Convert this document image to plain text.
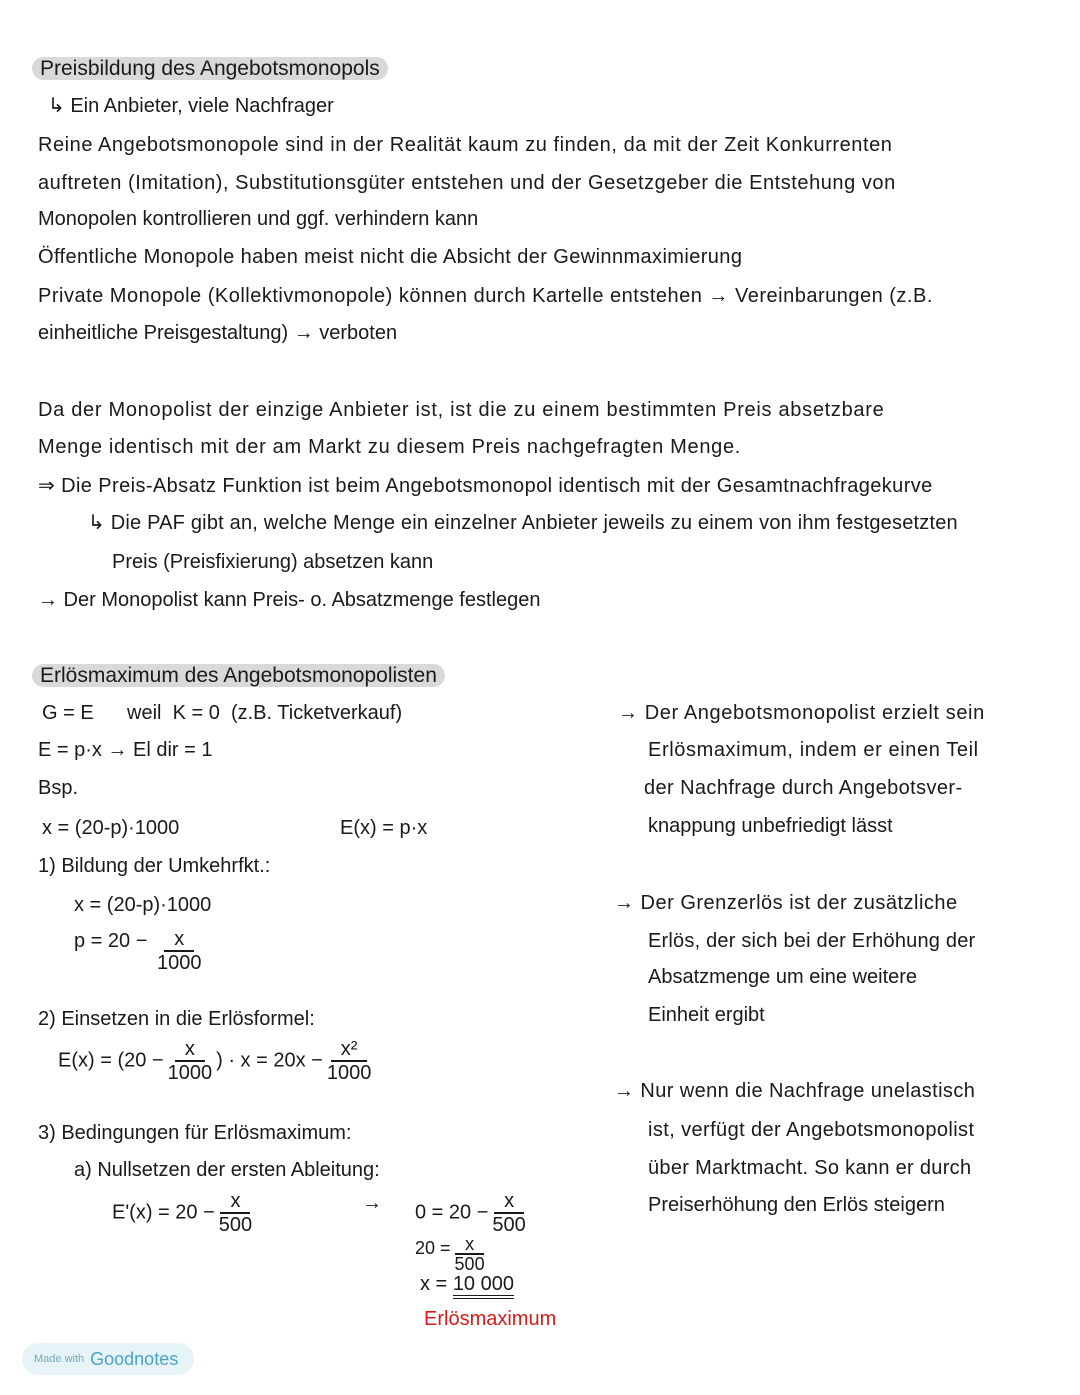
Preisbildung des Angebotsmonopols
↳ Ein Anbieter, viele Nachfrager
Reine Angebotsmonopole sind in der Realität kaum zu finden, da mit der Zeit Konkurrenten
auftreten (Imitation), Substitutionsgüter entstehen und der Gesetzgeber die Entstehung von
Monopolen kontrollieren und ggf. verhindern kann
Öffentliche Monopole haben meist nicht die Absicht der Gewinnmaximierung
Private Monopole (Kollektivmonopole) können durch Kartelle entstehen → Vereinbarungen (z.B.
einheitliche Preisgestaltung) → verboten
Da der Monopolist der einzige Anbieter ist, ist die zu einem bestimmten Preis absetzbare
Menge identisch mit der am Markt zu diesem Preis nachgefragten Menge.
⇒ Die Preis-Absatz Funktion ist beim Angebotsmonopol identisch mit der Gesamtnachfragekurve
↳ Die PAF gibt an, welche Menge ein einzelner Anbieter jeweils zu einem von ihm festgesetzten
Preis (Preisfixierung) absetzen kann
→ Der Monopolist kann Preis- o. Absatzmenge festlegen
Erlösmaximum des Angebotsmonopolisten
G = E      weil  K = 0  (z.B. Ticketverkauf)
E = p·x → El dir = 1
Bsp.
x = (20-p)·1000	E(x) = p·x
1) Bildung der Umkehrfkt.:
x = (20-p)·1000
$p = 20 - \frac{x}{1000}$
2) Einsetzen in die Erlösformel:
$E(x) = (20 - \frac{x}{1000}$ ) · $x = 20x - \frac{\text{x²}}{1000}$
3) Bedingungen für Erlösmaximum:
a) Nullsetzen der ersten Ableitung:
$E'(x) = 20 - \frac{x}{500}$	→ $0 = 20 - \frac{x}{500}$
$20 = \frac{x}{500}$
x = 10 000
Erlösmaximum
→ Der Angebotsmonopolist erzielt sein
Erlösmaximum, indem er einen Teil
der Nachfrage durch Angebotsver-
knappung unbefriedigt lässt
→ Der Grenzerlös ist der zusätzliche
Erlös, der sich bei der Erhöhung der
Absatzmenge um eine weitere
Einheit ergibt
→ Nur wenn die Nachfrage unelastisch
ist, verfügt der Angebotsmonopolist
über Marktmacht. So kann er durch
Preiserhöhung den Erlös steigern
Made with Goodnotes
